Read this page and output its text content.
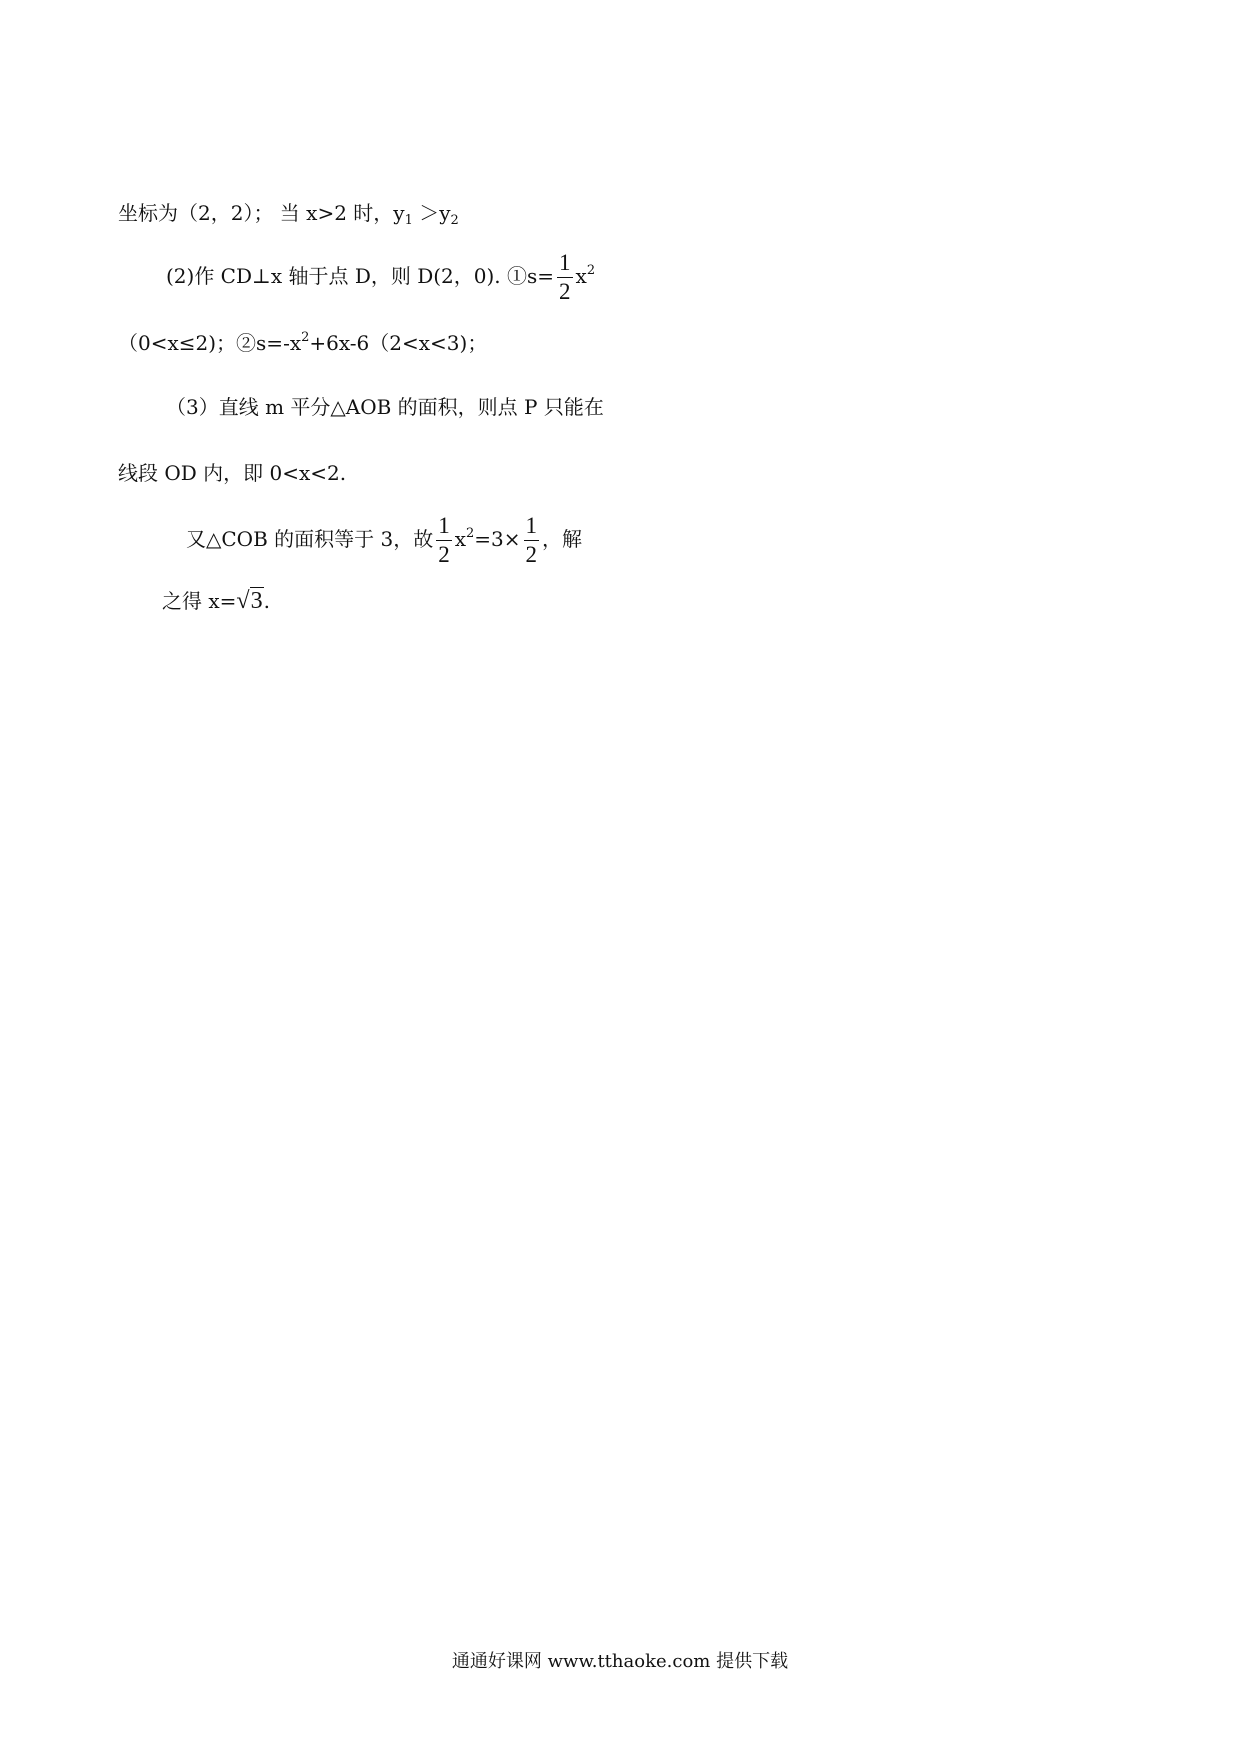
坐标为（2，2）； 当 x>2 时，$y_1 >y_2$
(2)作 CD⊥x 轴于点 D，则 D(2，0). ①s= $\frac{1}{2} x^2$
（0<x≤2)；$②s=-x^2+6x-6(2<x<3)$；
（3）直线 m 平分△AOB 的面积，则点 P 只能在
线段 OD 内，即 0<x<2.
又△COB 的面积等于 3，故 $\frac{1}{2} x^2=3\times \frac{1}{2}$ ，解
之得 x=√3.
通通好课网 www.tthaoke.com 提供下载
